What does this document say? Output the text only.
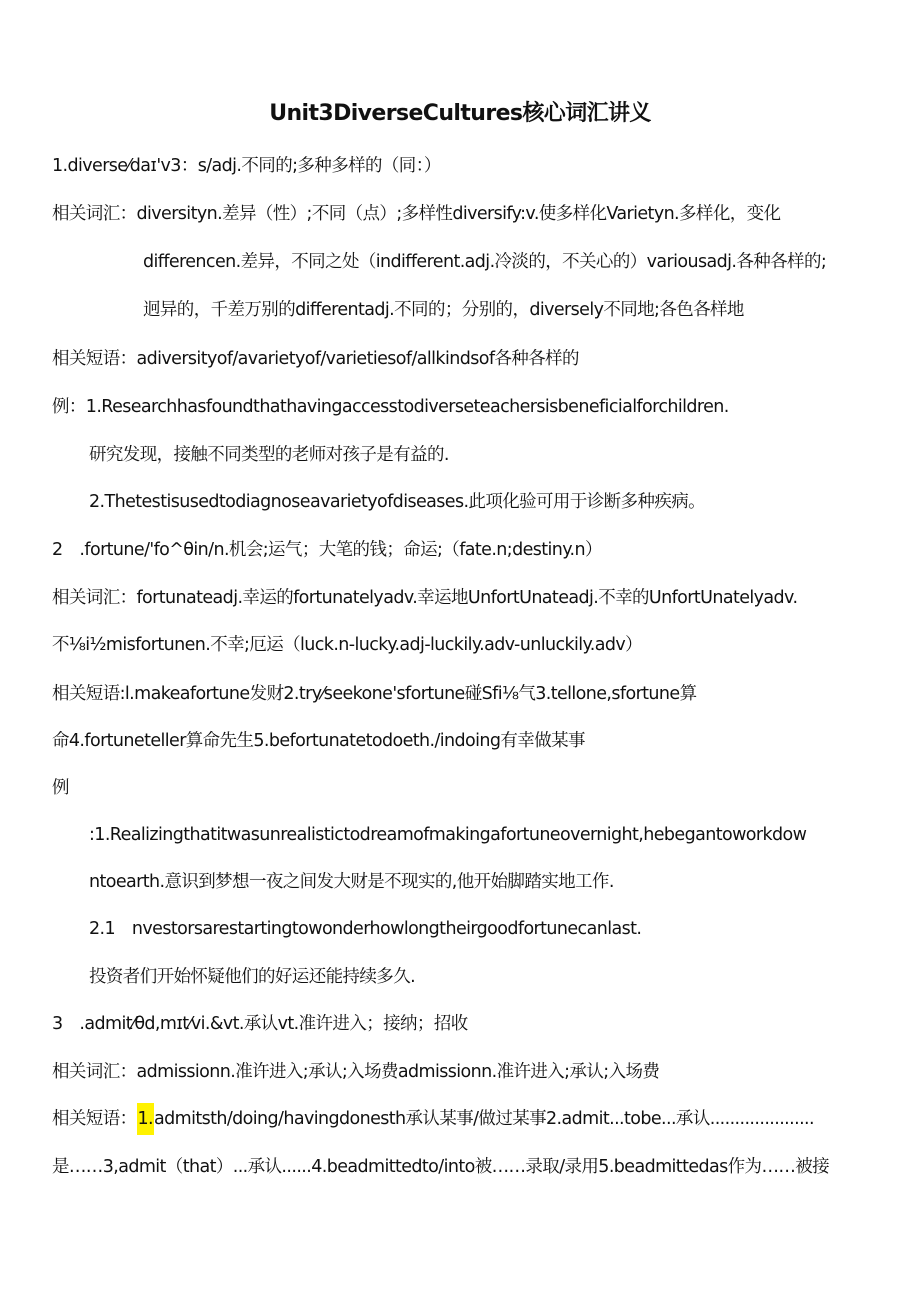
Unit3DiverseCultures核心词汇讲义
1.diverse⁄daɪ'v3：s/adj.不同的;多种多样的（同：）
相关词汇：diversityn.差异（性）;不同（点）;多样性diversify:v.使多样化Varietyn.多样化，变化
differencen.差异，不同之处（indifferent.adj.冷淡的，不关心的）variousadj.各种各样的;
迥异的，千差万别的differentadj.不同的；分别的，diversely不同地;各色各样地
相关短语：adiversityof/avarietyof/varietiesof/allkindsof各种各样的
例：1.Researchhasfoundthathavingaccesstodiverseteachersisbeneficialforchildren.
研究发现，接触不同类型的老师对孩子是有益的.
2.Thetestisusedtodiagnoseavarietyofdiseases.此项化验可用于诊断多种疾病。
2　.fortune/'fo^θin/n.机会;运气；大笔的钱；命运;（fate.n;destiny.n）
相关词汇：fortunateadj.幸运的fortunatelyadv.幸运地UnfortUnateadj.不幸的UnfortUnatelyadv.
不⅛i½misfortunen.不幸;厄运（luck.n-lucky.adj-luckily.adv-unluckily.adv）
相关短语:l.makeafortune发财2.try⁄seekone'sfortune碰Sfi⅛气3.tellone,sfortune算
命4.fortuneteller算命先生5.befortunatetodoeth./indoing有幸做某事
例
:1.Realizingthatitwasunrealistictodreamofmakingafortuneovernight,hebegantoworkdow
ntoearth.意识到梦想一夜之间发大财是不现实的,他开始脚踏实地工作.
2.1　nvestorsarestartingtowonderhowlongtheirgoodfortunecanlast.
投资者们开始怀疑他们的好运还能持续多久.
3　.admit⁄θd,mɪt⁄vi.&vt.承认vt.准许进入；接纳；招收
相关词汇：admissionn.准许进入;承认;入场费admissionn.准许进入;承认;入场费
相关短语：1.admitsth/doing/havingdonesth承认某事/做过某事2.admit...tobe...承认.....................
是……3,admit（that）...承认......4.beadmittedto/into被……录取/录用5.beadmittedas作为……被接
